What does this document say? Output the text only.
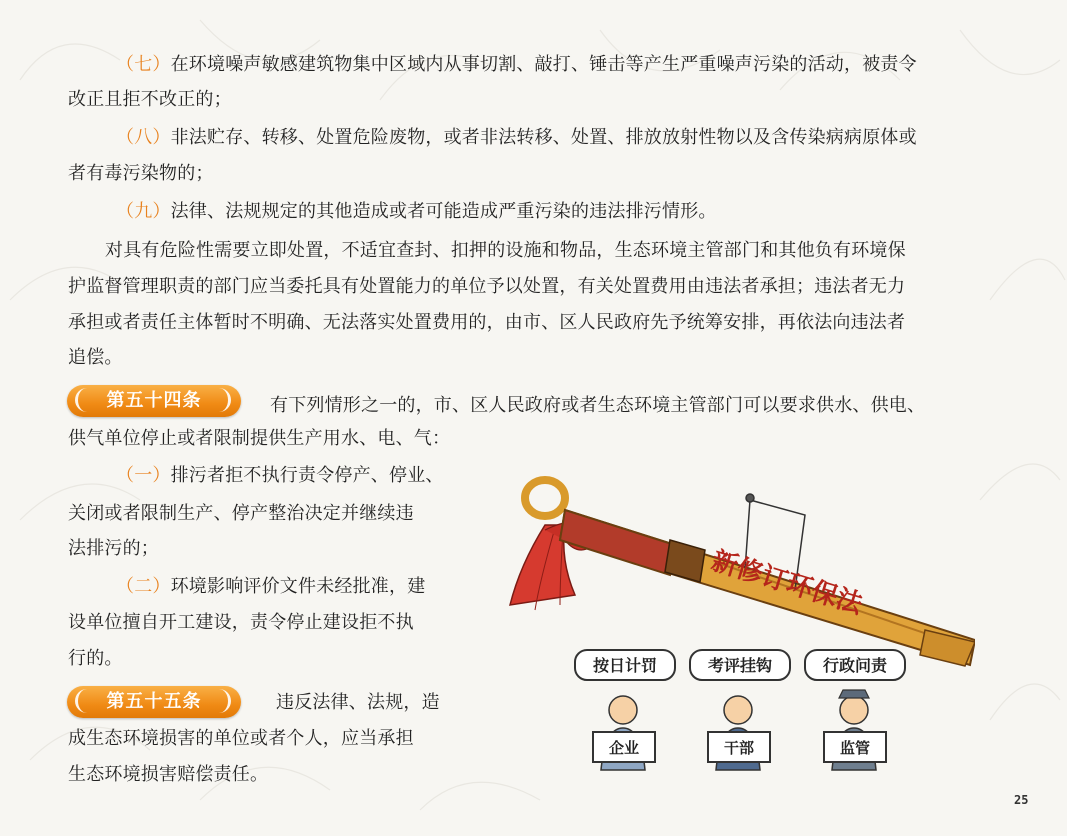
（七）在环境噪声敏感建筑物集中区域内从事切割、敲打、锤击等产生严重噪声污染的活动，被责令
改正且拒不改正的；
（八）非法贮存、转移、处置危险废物，或者非法转移、处置、排放放射性物以及含传染病病原体或
者有毒污染物的；
（九）法律、法规规定的其他造成或者可能造成严重污染的违法排污情形。
对具有危险性需要立即处置，不适宜查封、扣押的设施和物品，生态环境主管部门和其他负有环境保
护监督管理职责的部门应当委托具有处置能力的单位予以处置，有关处置费用由违法者承担；违法者无力
承担或者责任主体暂时不明确、无法落实处置费用的，由市、区人民政府先予统筹安排，再依法向违法者
追偿。
第五十四条	有下列情形之一的，市、区人民政府或者生态环境主管部门可以要求供水、供电、
供气单位停止或者限制提供生产用水、电、气：
（一）排污者拒不执行责令停产、停业、
关闭或者限制生产、停产整治决定并继续违
法排污的；
（二）环境影响评价文件未经批准，建
设单位擅自开工建设，责令停止建设拒不执
行的。
第五十五条	违反法律、法规，造
成生态环境损害的单位或者个人，应当承担
生态环境损害赔偿责任。
新修订环保法
按日计罚	考评挂钩	行政问责
企业	干部	监管
25
